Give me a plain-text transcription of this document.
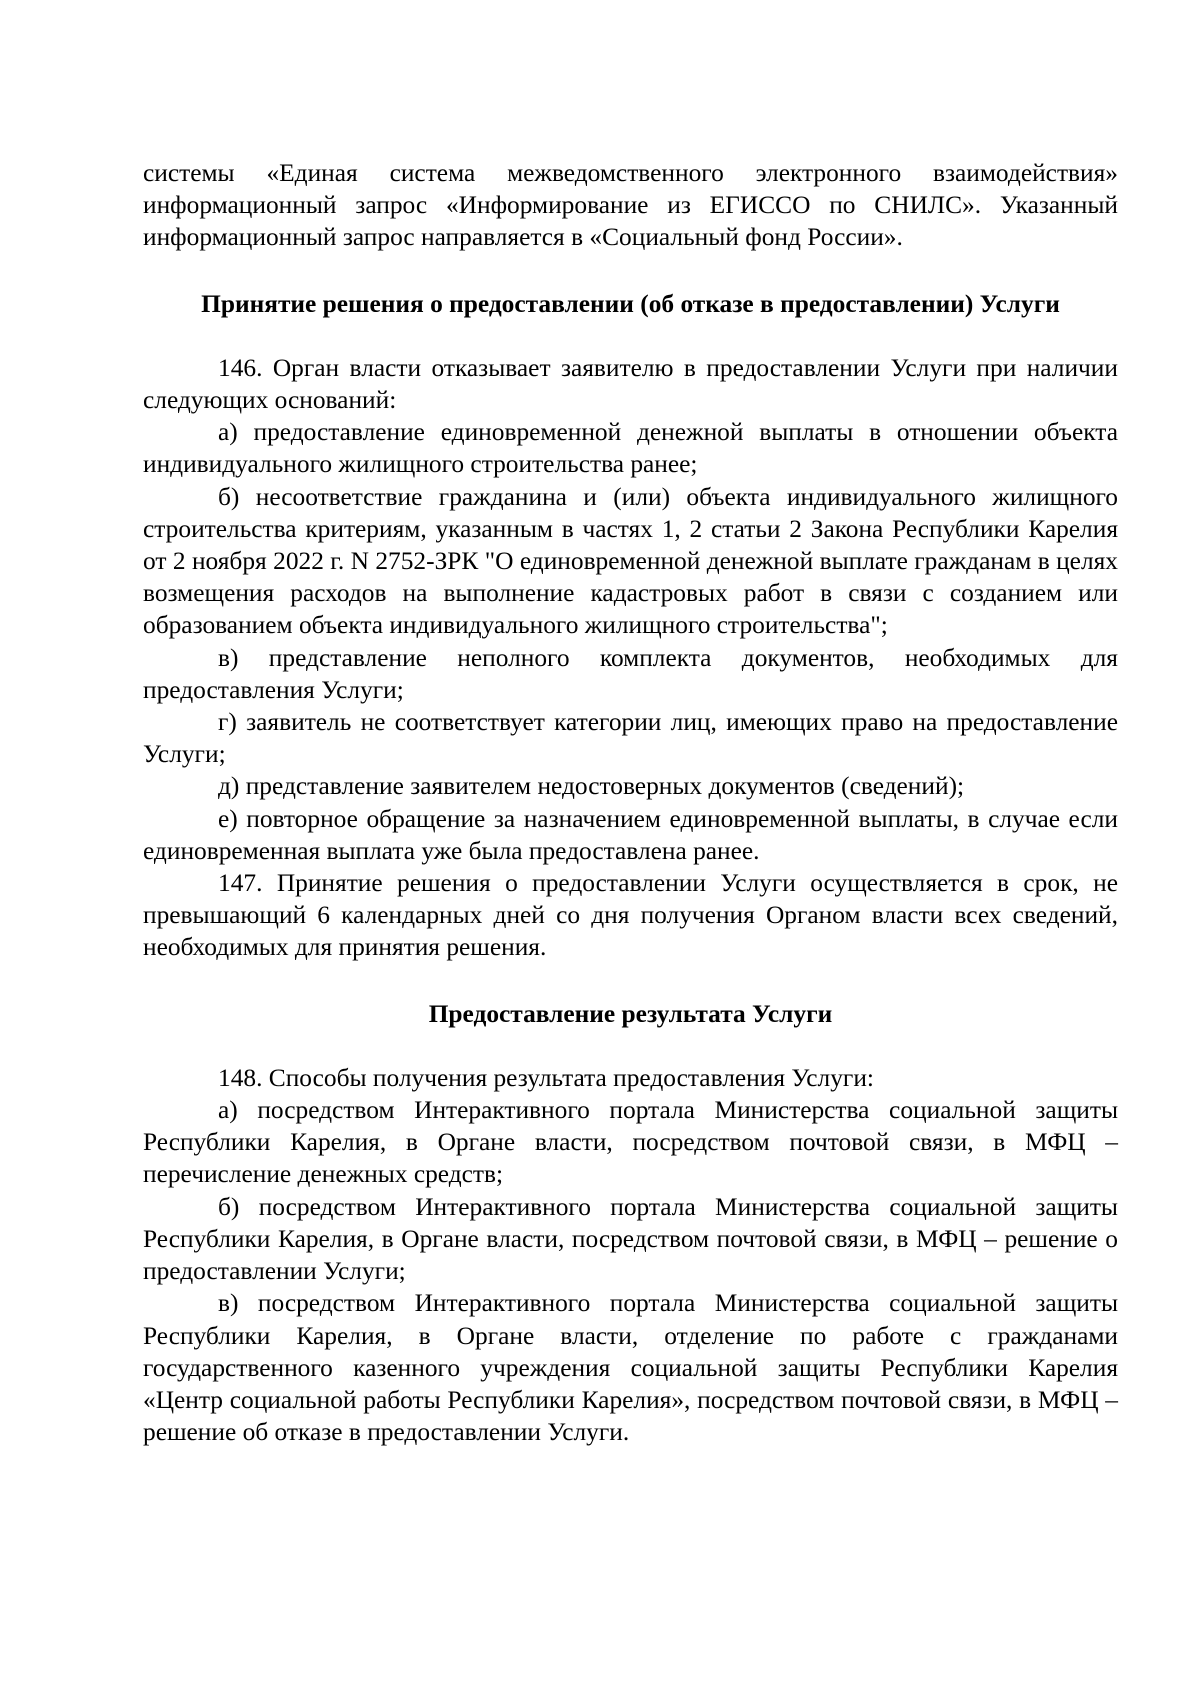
системы «Единая система межведомственного электронного взаимодействия» информационный запрос «Информирование из ЕГИССО по СНИЛС». Указанный информационный запрос направляется в «Социальный фонд России».

Принятие решения о предоставлении (об отказе в предоставлении) Услуги

146. Орган власти отказывает заявителю в предоставлении Услуги при наличии следующих оснований:

а) предоставление единовременной денежной выплаты в отношении объекта индивидуального жилищного строительства ранее;

б) несоответствие гражданина и (или) объекта индивидуального жилищного строительства критериям, указанным в частях 1, 2 статьи 2 Закона Республики Карелия от 2 ноября 2022 г. N 2752-ЗРК "О единовременной денежной выплате гражданам в целях возмещения расходов на выполнение кадастровых работ в связи с созданием или образованием объекта индивидуального жилищного строительства";

в) представление неполного комплекта документов, необходимых для предоставления Услуги;

г) заявитель не соответствует категории лиц, имеющих право на предоставление Услуги;

д) представление заявителем недостоверных документов (сведений);

е) повторное обращение за назначением единовременной выплаты, в случае если единовременная выплата уже была предоставлена ранее.

147. Принятие решения о предоставлении Услуги осуществляется в срок, не превышающий 6 календарных дней со дня получения Органом власти всех сведений, необходимых для принятия решения.

Предоставление результата Услуги

148. Способы получения результата предоставления Услуги:

а) посредством Интерактивного портала Министерства социальной защиты Республики Карелия, в Органе власти, посредством почтовой связи, в МФЦ – перечисление денежных средств;

б) посредством Интерактивного портала Министерства социальной защиты Республики Карелия, в Органе власти, посредством почтовой связи, в МФЦ – решение о предоставлении Услуги;

в) посредством Интерактивного портала Министерства социальной защиты Республики Карелия, в Органе власти, отделение по работе с гражданами государственного казенного учреждения социальной защиты Республики Карелия «Центр социальной работы Республики Карелия», посредством почтовой связи, в МФЦ – решение об отказе в предоставлении Услуги.
